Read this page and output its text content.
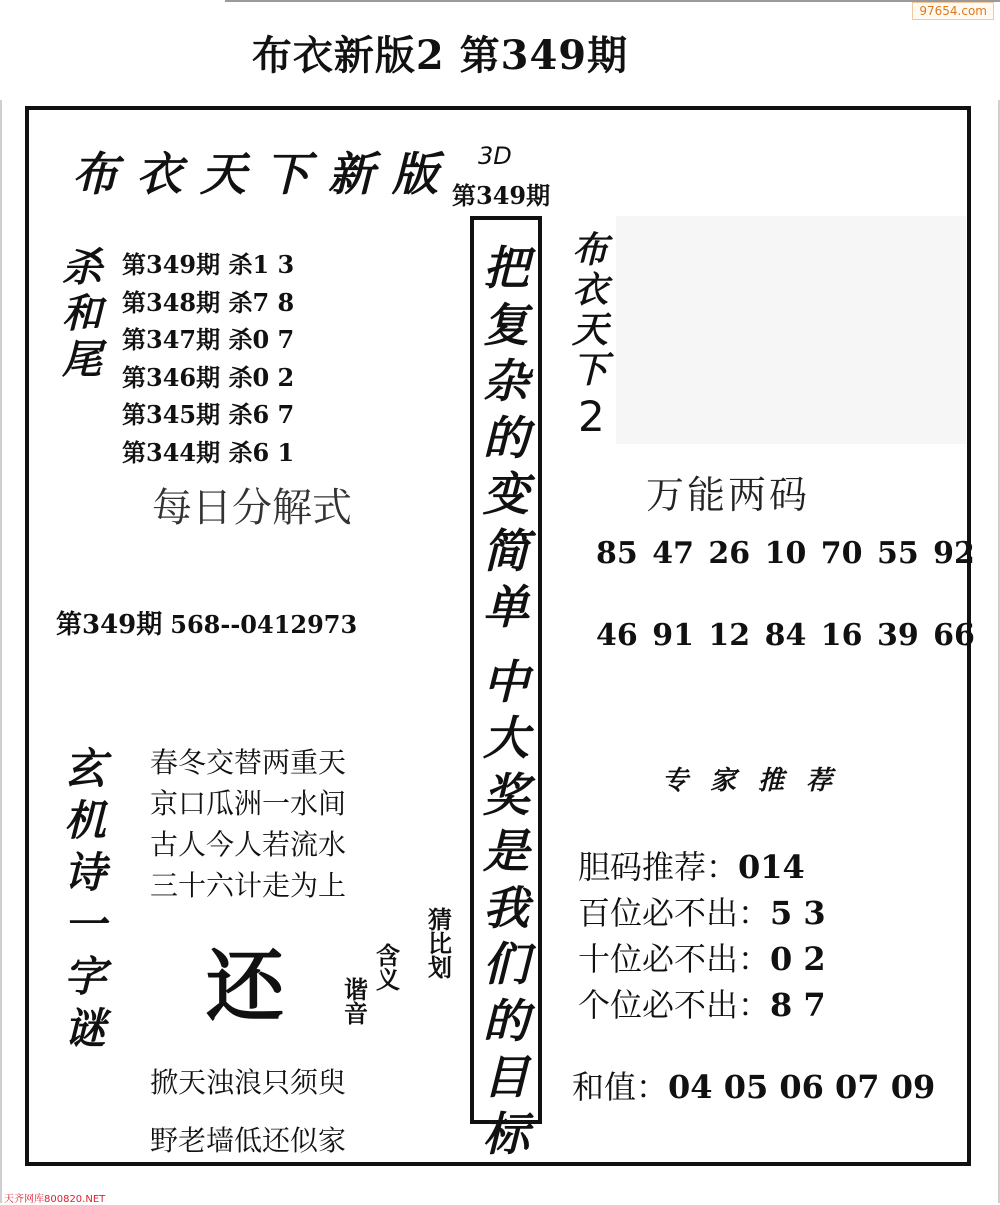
97654.com
布衣新版2 第349期
布衣天下新版 3D
第349期
杀
和
尾
第349期 杀1 3
第348期 杀7 8
第347期 杀0 7
第346期 杀0 2
第345期 杀6 7
第344期 杀6 1
每日分解式
第349期 568--0412973
玄
机
诗
一
字
谜
春冬交替两重天
京口瓜洲一水间
古人今人若流水
三十六计走为上
还
猜
比
划
含
义
谐
音
掀天浊浪只须臾
野老墙低还似家
把
复
杂
的
变
简
单
中
大
奖
是
我
们
的
目
标
布
衣
天
下
2
万能两码
85 47 26 10 70 55 92
46 91 12 84 16 39 66
专家推荐
胆码推荐：014
百位必不出：5 3
十位必不出：0 2
个位必不出：8 7
和值：04 05 06 07 09
天齐网库800820.NET
